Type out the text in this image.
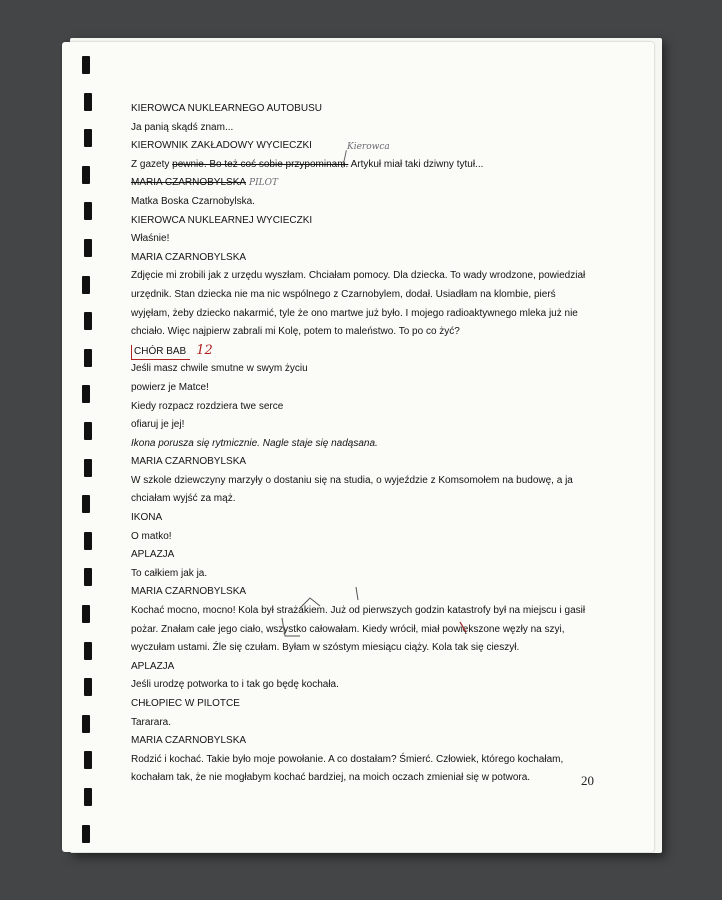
Kierowca
KIEROWCA NUKLEARNEGO AUTOBUSU
Ja panią skądś znam...
KIEROWNIK ZAKŁADOWY WYCIECZKI
Z gazety pewnie. Bo też coś sobie przypominam. Artykuł miał taki dziwny tytuł...
MARIA CZARNOBYLSKA PILOT
Matka Boska Czarnobylska.
KIEROWCA NUKLEARNEJ WYCIECZKI
Właśnie!
MARIA CZARNOBYLSKA
Zdjęcie mi zrobili jak z urzędu wyszłam. Chciałam pomocy. Dla dziecka. To wady wrodzone, powiedział
urzędnik. Stan dziecka nie ma nic wspólnego z Czarnobylem, dodał. Usiadłam na klombie, pierś
wyjęłam, żeby dziecko nakarmić, tyle że ono martwe już było. I mojego radioaktywnego mleka już nie
chciało. Więc najpierw zabrali mi Kolę, potem to maleństwo. To po co żyć?
CHÓR BAB 12
Jeśli masz chwile smutne w swym życiu
powierz je Matce!
Kiedy rozpacz rozdziera twe serce
ofiaruj je jej!
Ikona porusza się rytmicznie. Nagle staje się nadąsana.
MARIA CZARNOBYLSKA
W szkole dziewczyny marzyły o dostaniu się na studia, o wyjeździe z Komsomołem na budowę, a ja
chciałam wyjść za mąż.
IKONA
O matko!
APLAZJA
To całkiem jak ja.
MARIA CZARNOBYLSKA
Kochać mocno, mocno! Kola był strażakiem. Już od pierwszych godzin katastrofy był na miejscu i gasił
pożar. Znałam całe jego ciało, wszystko całowałam. Kiedy wrócił, miał powiększone węzły na szyi,
wyczułam ustami. Źle się czułam. Byłam w szóstym miesiącu ciąży. Kola tak się cieszył.
APLAZJA
Jeśli urodzę potworka to i tak go będę kochała.
CHŁOPIEC W PILOTCE
Tararara.
MARIA CZARNOBYLSKA
Rodzić i kochać. Takie było moje powołanie. A co dostałam? Śmierć. Człowiek, którego kochałam,
kochałam tak, że nie mogłabym kochać bardziej, na moich oczach zmieniał się w potwora.	20
